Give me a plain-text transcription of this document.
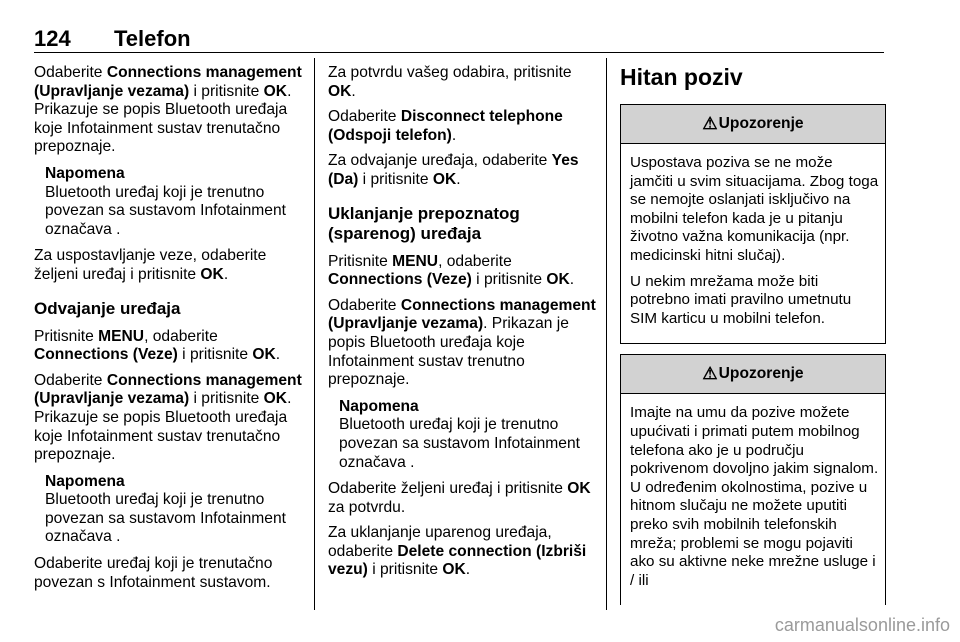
124 Telefon

Odaberite Connections management (Upravljanje vezama) i pritisnite OK. Prikazuje se popis Bluetooth uređaja koje Infotainment sustav trenutačno prepoznaje.

Napomena
Bluetooth uređaj koji je trenutno povezan sa sustavom Infotainment označava .

Za uspostavljanje veze, odaberite željeni uređaj i pritisnite OK.

Odvajanje uređaja

Pritisnite MENU, odaberite Connections (Veze) i pritisnite OK.

Odaberite Connections management (Upravljanje vezama) i pritisnite OK. Prikazuje se popis Bluetooth uređaja koje Infotainment sustav trenutačno prepoznaje.

Napomena
Bluetooth uređaj koji je trenutno povezan sa sustavom Infotainment označava .

Odaberite uređaj koji je trenutačno povezan s Infotainment sustavom.

Za potvrdu vašeg odabira, pritisnite OK.

Odaberite Disconnect telephone (Odspoji telefon).

Za odvajanje uređaja, odaberite Yes (Da) i pritisnite OK.

Uklanjanje prepoznatog (sparenog) uređaja

Pritisnite MENU, odaberite Connections (Veze) i pritisnite OK.

Odaberite Connections management (Upravljanje vezama). Prikazan je popis Bluetooth uređaja koje Infotainment sustav trenutno prepoznaje.

Napomena
Bluetooth uređaj koji je trenutno povezan sa sustavom Infotainment označava .

Odaberite željeni uređaj i pritisnite OK za potvrdu.

Za uklanjanje uparenog uređaja, odaberite Delete connection (Izbriši vezu) i pritisnite OK.

Hitan poziv
⚠ Upozorenje

Uspostava poziva se ne može jamčiti u svim situacijama. Zbog toga se nemojte oslanjati isključivo na mobilni telefon kada je u pitanju životno važna komunikacija (npr. medicinski hitni slučaj).

U nekim mrežama može biti potrebno imati pravilno umetnutu SIM karticu u mobilni telefon.

⚠ Upozorenje

Imajte na umu da pozive možete upućivati i primati putem mobilnog telefona ako je u području pokrivenom dovoljno jakim signalom. U određenim okolnostima, pozive u hitnom slučaju ne možete uputiti preko svih mobilnih telefonskih mreža; problemi se mogu pojaviti ako su aktivne neke mrežne usluge i / ili

carmanualsonline.info
